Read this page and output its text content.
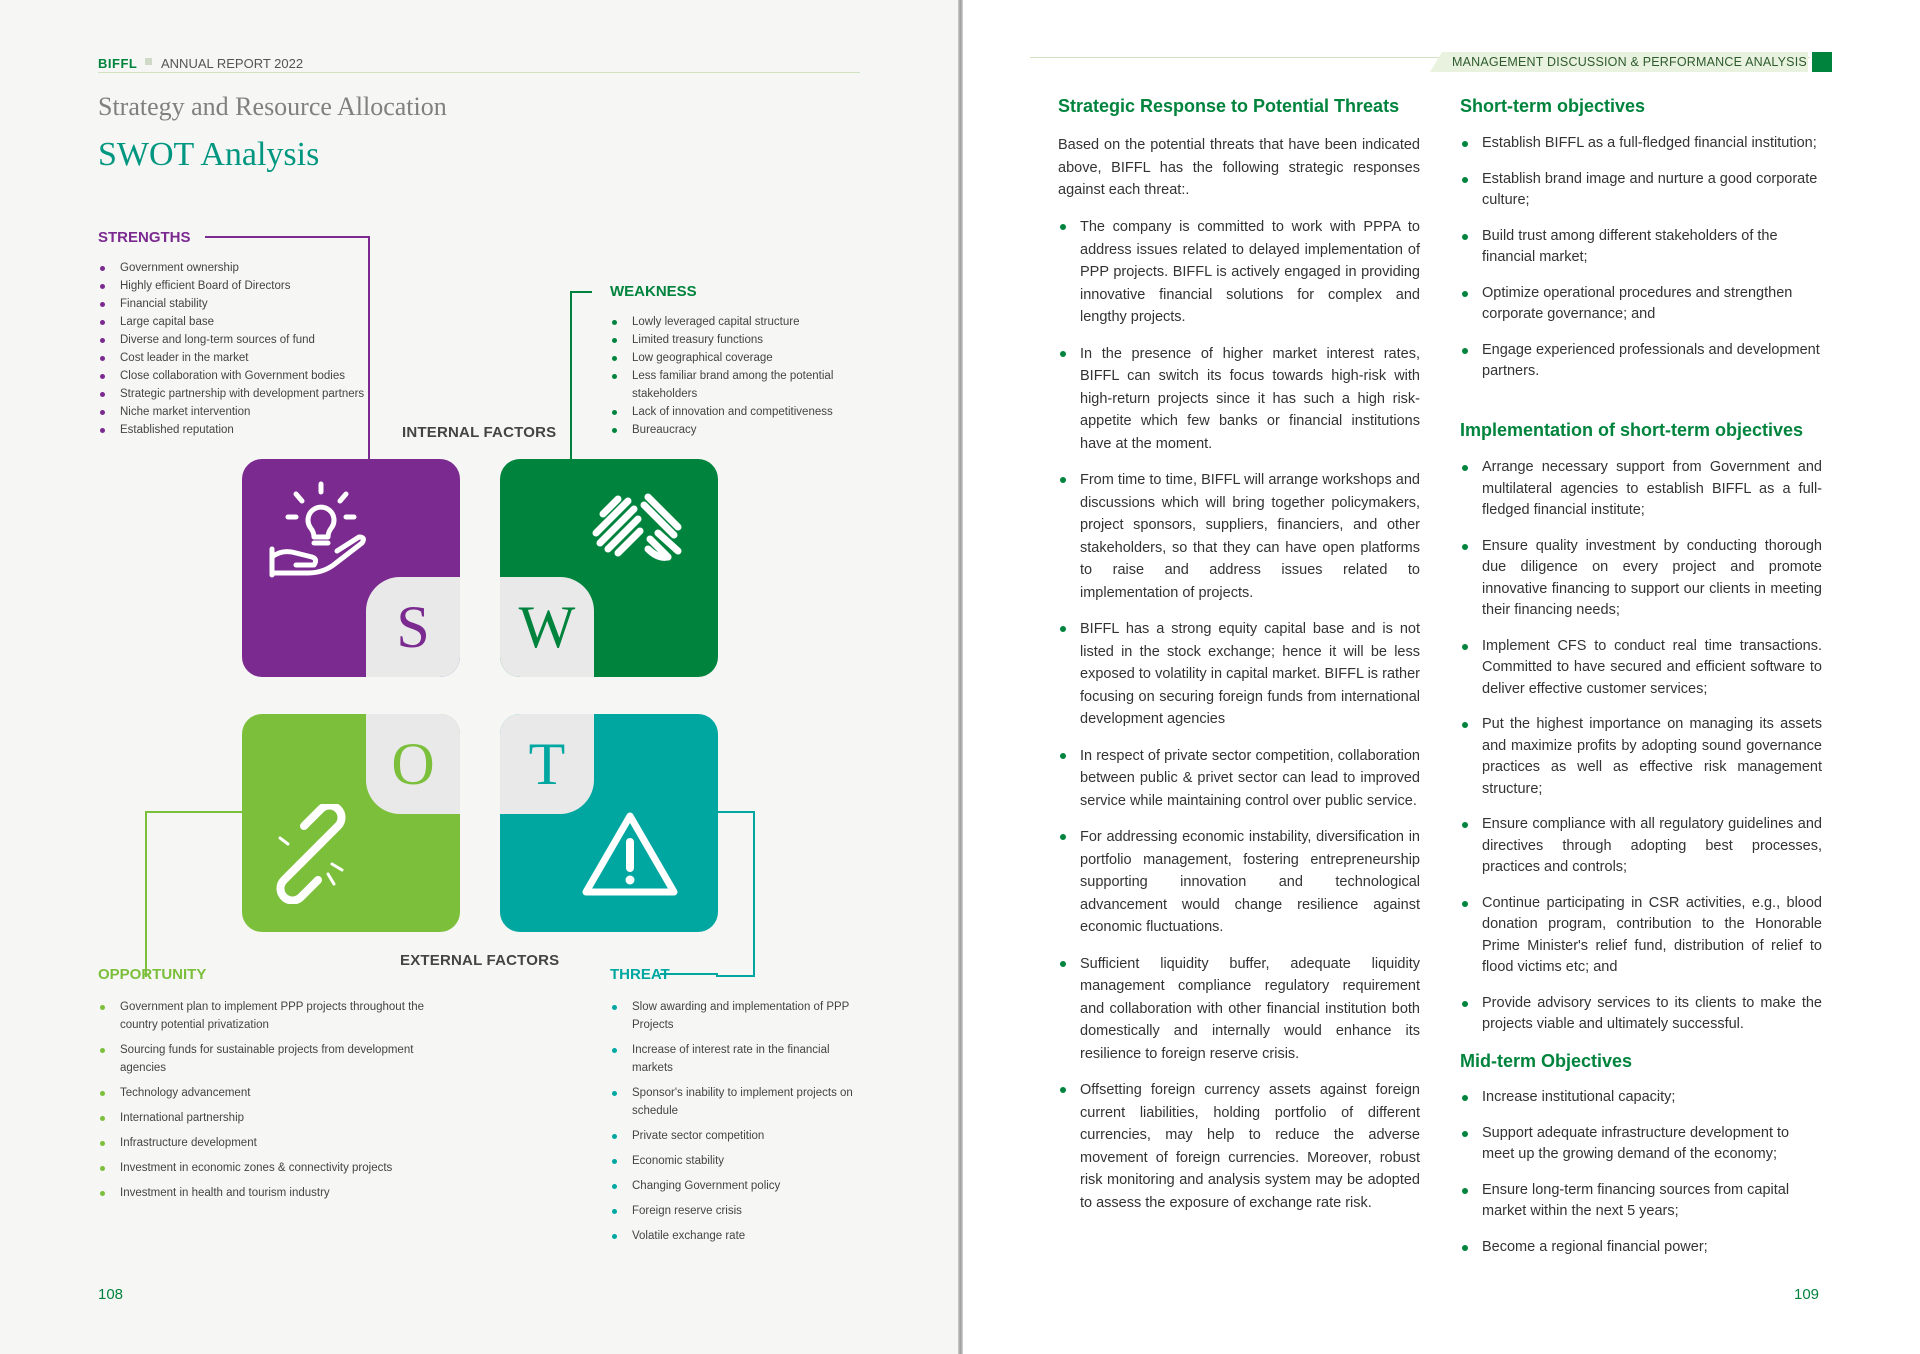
BIFFL ANNUAL REPORT 2022
Strategy and Resource Allocation
SWOT Analysis
STRENGTHS
Government ownership
Highly efficient Board of Directors
Financial stability
Large capital base
Diverse and long-term sources of fund
Cost leader in the market
Close collaboration with Government bodies
Strategic partnership with development partners
Niche market intervention
Established reputation
WEAKNESS
Lowly leveraged capital structure
Limited treasury functions
Low geographical coverage
Less familiar brand among the potential stakeholders
Lack of innovation and competitiveness
Bureaucracy
INTERNAL FACTORS
EXTERNAL FACTORS
S	W
O	T
OPPORTUNITY
Government plan to implement PPP projects throughout the country potential privatization
Sourcing funds for sustainable projects from development agencies
Technology advancement
International partnership
Infrastructure development
Investment in economic zones & connectivity projects
Investment in health and tourism industry
THREAT
Slow awarding and implementation of PPP Projects
Increase of interest rate in the financial markets
Sponsor's inability to implement projects on schedule
Private sector competition
Economic stability
Changing Government policy
Foreign reserve crisis
Volatile exchange rate
108
MANAGEMENT DISCUSSION & PERFORMANCE ANALYSIS
Strategic Response to Potential Threats
Based on the potential threats that have been indicated above, BIFFL has the following strategic responses against each threat:.
The company is committed to work with PPPA to address issues related to delayed implementation of PPP projects. BIFFL is actively engaged in providing innovative financial solutions for complex and lengthy projects.
In the presence of higher market interest rates, BIFFL can switch its focus towards high-risk with high-return projects since it has such a high risk-appetite which few banks or financial institutions have at the moment.
From time to time, BIFFL will arrange workshops and discussions which will bring together policymakers, project sponsors, suppliers, financiers, and other stakeholders, so that they can have open platforms to raise and address issues related to implementation of projects.
BIFFL has a strong equity capital base and is not listed in the stock exchange; hence it will be less exposed to volatility in capital market. BIFFL is rather focusing on securing foreign funds from international development agencies
In respect of private sector competition, collaboration between public & privet sector can lead to improved service while maintaining control over public service.
For addressing economic instability, diversification in portfolio management, fostering entrepreneurship supporting innovation and technological advancement would change resilience against economic fluctuations.
Sufficient liquidity buffer, adequate liquidity management compliance regulatory requirement and collaboration with other financial institution both domestically and internally would enhance its resilience to foreign reserve crisis.
Offsetting foreign currency assets against foreign current liabilities, holding portfolio of different currencies, may help to reduce the adverse movement of foreign currencies. Moreover, robust risk monitoring and analysis system may be adopted to assess the exposure of exchange rate risk.
Short-term objectives
Establish BIFFL as a full-fledged financial institution;
Establish brand image and nurture a good corporate culture;
Build trust among different stakeholders of the financial market;
Optimize operational procedures and strengthen corporate governance; and
Engage experienced professionals and development partners.
Implementation of short-term objectives
Arrange necessary support from Government and multilateral agencies to establish BIFFL as a full-fledged financial institute;
Ensure quality investment by conducting thorough due diligence on every project and promote innovative financing to support our clients in meeting their financing needs;
Implement CFS to conduct real time transactions. Committed to have secured and efficient software to deliver effective customer services;
Put the highest importance on managing its assets and maximize profits by adopting sound governance practices as well as effective risk management structure;
Ensure compliance with all regulatory guidelines and directives through adopting best processes, practices and controls;
Continue participating in CSR activities, e.g., blood donation program, contribution to the Honorable Prime Minister's relief fund, distribution of relief to flood victims etc; and
Provide advisory services to its clients to make the projects viable and ultimately successful.
Mid-term Objectives
Increase institutional capacity;
Support adequate infrastructure development to meet up the growing demand of the economy;
Ensure long-term financing sources from capital market within the next 5 years;
Become a regional financial power;
109
